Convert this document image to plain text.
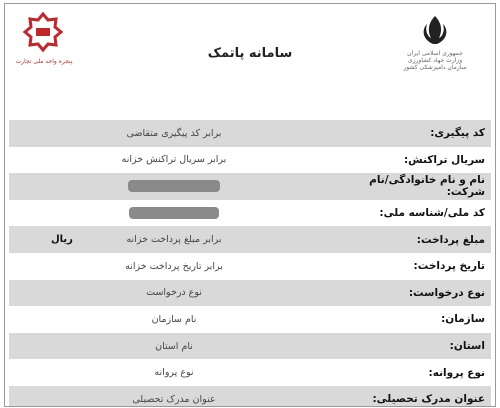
جمهوری اسلامی ایران
وزارت جهاد کشاورزی
سازمان دامپزشکی کشور
پنجره واحد ملی تجارت
سامانه پاتمک
کد پیگیری:
برابر کد پیگیری متقاضی
سریال تراکنش:
برابر سریال تراکنش خزانه
نام و نام خانوادگی/نام شرکت:
کد ملی/شناسه ملی:
مبلغ پرداخت:
برابر مبلغ پرداخت خزانه
ریال
تاریخ پرداخت:
برابر تاریخ پرداخت خزانه
نوع درخواست:
نوع درخواست
سازمان:
نام سازمان
استان:
نام استان
نوع پروانه:
نوع پروانه
عنوان مدرک تحصیلی:
عنوان مدرک تحصیلی
